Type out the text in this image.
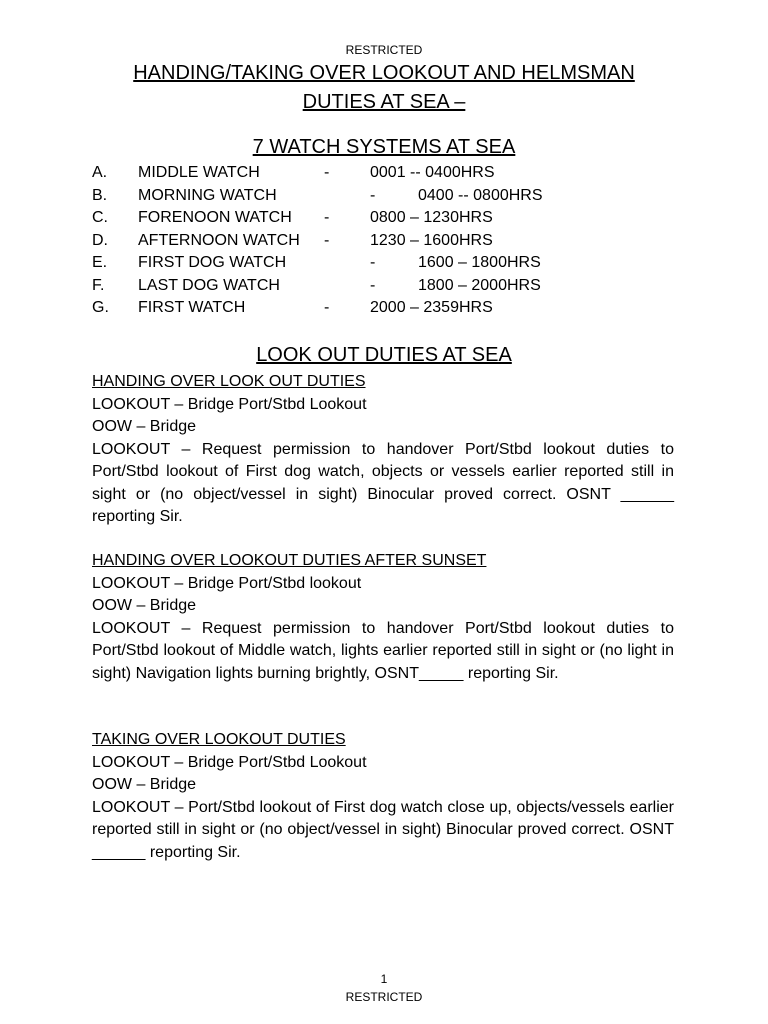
RESTRICTED
HANDING/TAKING OVER LOOKOUT AND HELMSMAN
DUTIES AT SEA –
7 WATCH SYSTEMS AT SEA
A. MIDDLE WATCH	-	0001 -- 0400HRS
B. MORNING WATCH	-	0400 -- 0800HRS
C. FORENOON WATCH -	0800 – 1230HRS
D. AFTERNOON WATCH -	1230 – 1600HRS
E. FIRST DOG WATCH	-	1600 – 1800HRS
F. LAST DOG WATCH	-	1800 – 2000HRS
G. FIRST WATCH	-	2000 – 2359HRS
LOOK OUT DUTIES AT SEA
HANDING OVER LOOK OUT DUTIES
LOOKOUT – Bridge Port/Stbd Lookout
OOW – Bridge
LOOKOUT – Request permission to handover Port/Stbd lookout duties to Port/Stbd lookout of First dog watch, objects or vessels earlier reported still in sight or (no object/vessel in sight) Binocular proved correct. OSNT ______ reporting Sir.
HANDING OVER LOOKOUT DUTIES AFTER SUNSET
LOOKOUT – Bridge Port/Stbd lookout
OOW – Bridge
LOOKOUT – Request permission to handover Port/Stbd lookout duties to Port/Stbd lookout of Middle watch, lights earlier reported still in sight or (no light in sight) Navigation lights burning brightly, OSNT_____ reporting Sir.
TAKING OVER LOOKOUT DUTIES
LOOKOUT – Bridge Port/Stbd Lookout
OOW – Bridge
LOOKOUT – Port/Stbd lookout of First dog watch close up, objects/vessels earlier reported still in sight or (no object/vessel in sight) Binocular proved correct. OSNT ______ reporting Sir.
1
RESTRICTED
